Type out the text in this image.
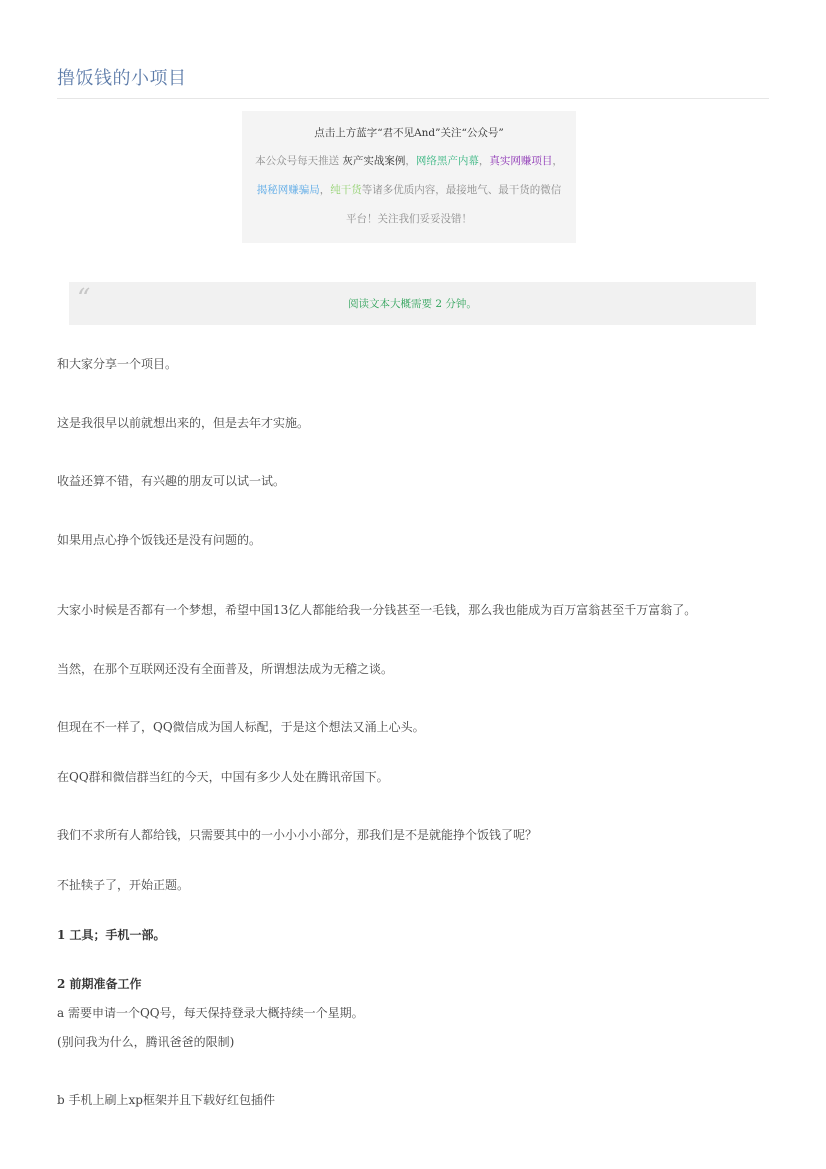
撸饭钱的小项目
点击上方蓝字“君不见And”关注“公众号”
本公众号每天推送 灰产实战案例，网络黑产内幕，真实网赚项目，揭秘网赚骗局，纯干货等诸多优质内容，最接地气、最干货的微信平台！关注我们妥妥没错！
“	阅读文本大概需要 2 分钟。
和大家分享一个项目。
这是我很早以前就想出来的，但是去年才实施。
收益还算不错，有兴趣的朋友可以试一试。
如果用点心挣个饭钱还是没有问题的。
大家小时候是否都有一个梦想，希望中国13亿人都能给我一分钱甚至一毛钱，那么我也能成为百万富翁甚至千万富翁了。
当然，在那个互联网还没有全面普及，所谓想法成为无稽之谈。
但现在不一样了，QQ微信成为国人标配，于是这个想法又涌上心头。
在QQ群和微信群当红的今天，中国有多少人处在腾讯帝国下。
我们不求所有人都给钱，只需要其中的一小小小小部分，那我们是不是就能挣个饭钱了呢？
不扯犊子了，开始正题。
1 工具；手机一部。
2 前期准备工作
a 需要申请一个QQ号，每天保持登录大概持续一个星期。
(别问我为什么，腾讯爸爸的限制)
b 手机上刷上xp框架并且下载好红包插件
